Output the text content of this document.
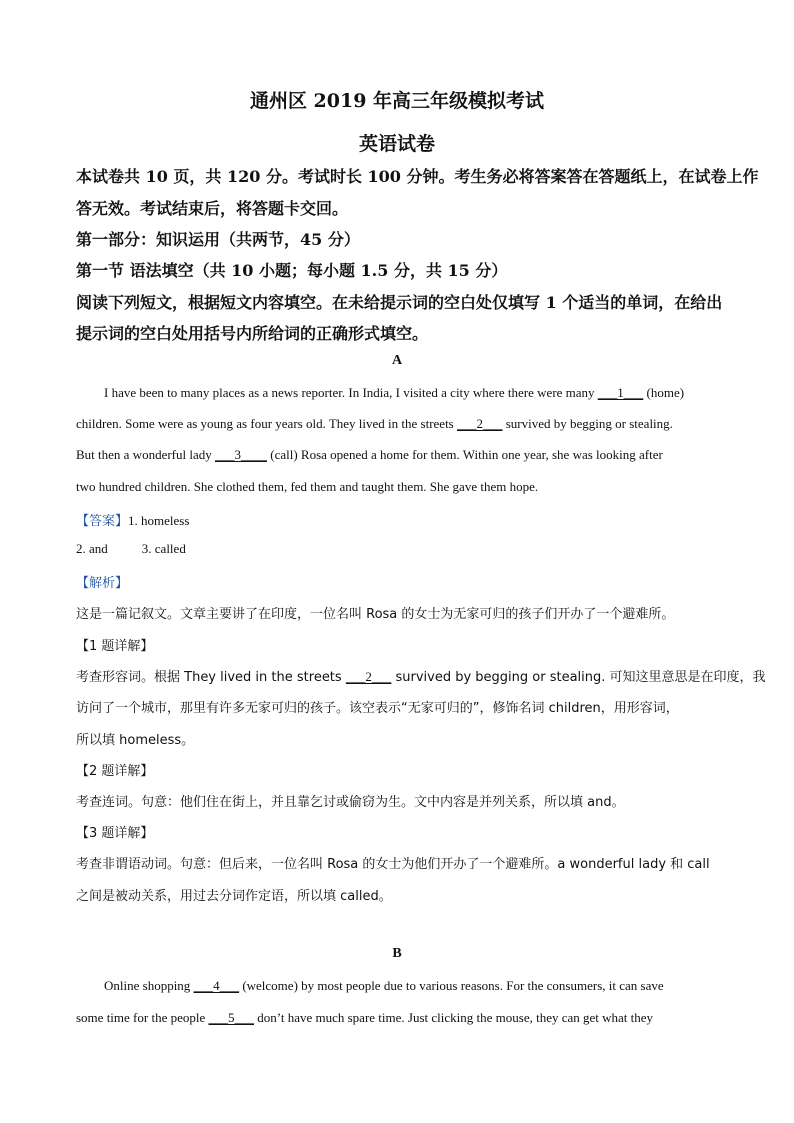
通州区 2019 年高三年级模拟考试
英语试卷
本试卷共 10 页，共 120 分。考试时长 100 分钟。考生务必将答案答在答题纸上，在试卷上作
答无效。考试结束后，将答题卡交回。
第一部分：知识运用（共两节，45 分）
第一节 语法填空（共 10 小题；每小题 1.5 分，共 15 分）
阅读下列短文，根据短文内容填空。在未给提示词的空白处仅填写 1 个适当的单词，在给出
提示词的空白处用括号内所给词的正确形式填空。
A
I have been to many places as a news reporter. In India, I visited a city where there were many ___1___ (home)
children. Some were as young as four years old. They lived in the streets ___2___ survived by begging or stealing.
But then a wonderful lady ___3____ (call) Rosa opened a home for them. Within one year, she was looking after
two hundred children. She clothed them, fed them and taught them. She gave them hope.
【答案】1. homeless
2. and	3. called
【解析】
这是一篇记叙文。文章主要讲了在印度，一位名叫 Rosa 的女士为无家可归的孩子们开办了一个避难所。
【1 题详解】
考查形容词。根据 They lived in the streets ___2___ survived by begging or stealing. 可知这里意思是在印度，我
访问了一个城市，那里有许多无家可归的孩子。该空表示“无家可归的”，修饰名词 children，用形容词，
所以填 homeless。
【2 题详解】
考查连词。句意：他们住在街上，并且靠乞讨或偷窃为生。文中内容是并列关系，所以填 and。
【3 题详解】
考查非谓语动词。句意：但后来，一位名叫 Rosa 的女士为他们开办了一个避难所。a wonderful lady 和 call
之间是被动关系，用过去分词作定语，所以填 called。
B
Online shopping ___4___ (welcome) by most people due to various reasons. For the consumers, it can save
some time for the people ___5___ don’t have much spare time. Just clicking the mouse, they can get what they
